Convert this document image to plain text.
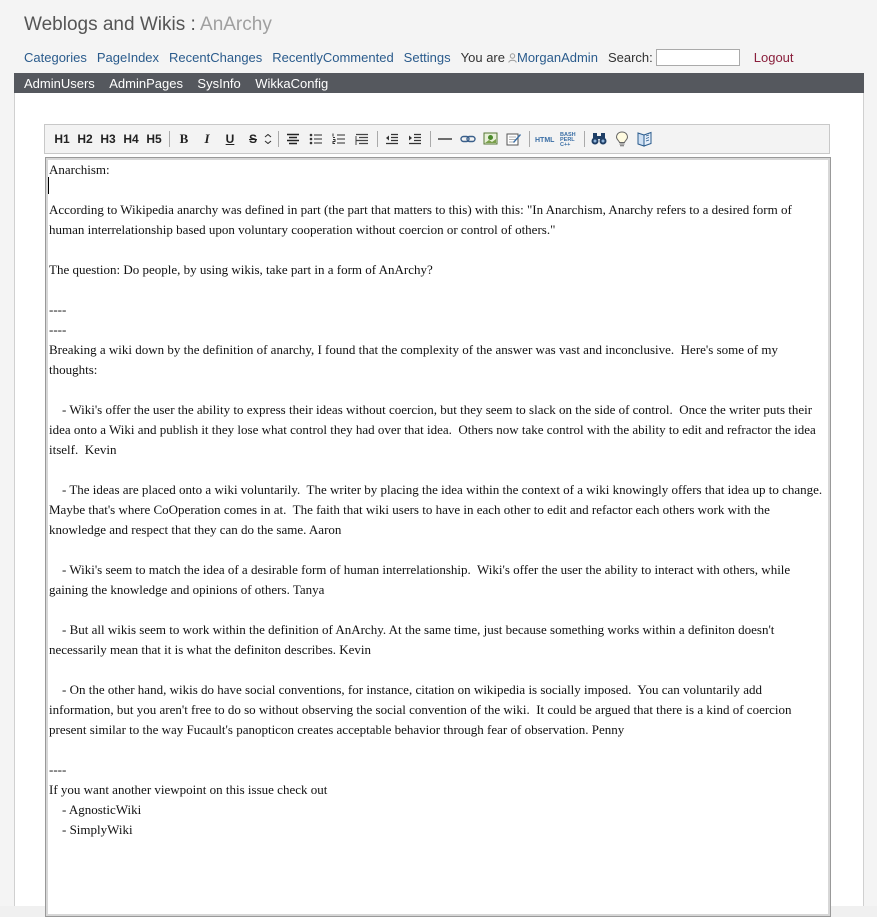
Weblogs and Wikis : AnArchy
Categories PageIndex RecentChanges RecentlyCommented Settings You are MorganAdmin Search:	Logout
AdminUsers AdminPages SysInfo WikkaConfig
H1 H2 H3 H4 H5	B	I	U	S	HTML
BASH
PERL
C++
Anarchism:

According to Wikipedia anarchy was defined in part (the part that matters to this) with this: "In Anarchism, Anarchy refers to a desired form of human interrelationship based upon voluntary cooperation without coercion or control of others."

The question: Do people, by using wikis, take part in a form of AnArchy?

----
----
Breaking a wiki down by the definition of anarchy, I found that the complexity of the answer was vast and inconclusive.  Here's some of my thoughts:

	- Wiki's offer the user the ability to express their ideas without coercion, but they seem to slack on the side of control.  Once the writer puts their idea onto a Wiki and publish it they lose what control they had over that idea.  Others now take control with the ability to edit and refractor the idea itself.  Kevin

	- The ideas are placed onto a wiki voluntarily.  The writer by placing the idea within the context of a wiki knowingly offers that idea up to change.  Maybe that's where CoOperation comes in at.  The faith that wiki users to have in each other to edit and refactor each others work with the knowledge and respect that they can do the same. Aaron

	- Wiki's seem to match the idea of a desirable form of human interrelationship.  Wiki's offer the user the ability to interact with others, while gaining the knowledge and opinions of others. Tanya

	- But all wikis seem to work within the definition of AnArchy. At the same time, just because something works within a definiton doesn't necessarily mean that it is what the definiton describes. Kevin

	- On the other hand, wikis do have social conventions, for instance, citation on wikipedia is socially imposed.  You can voluntarily add information, but you aren't free to do so without observing the social convention of the wiki.  It could be argued that there is a kind of coercion present similar to the way Fucault's panopticon creates acceptable behavior through fear of observation. Penny

----
If you want another viewpoint on this issue check out
	- AgnosticWiki
	- SimplyWiki
